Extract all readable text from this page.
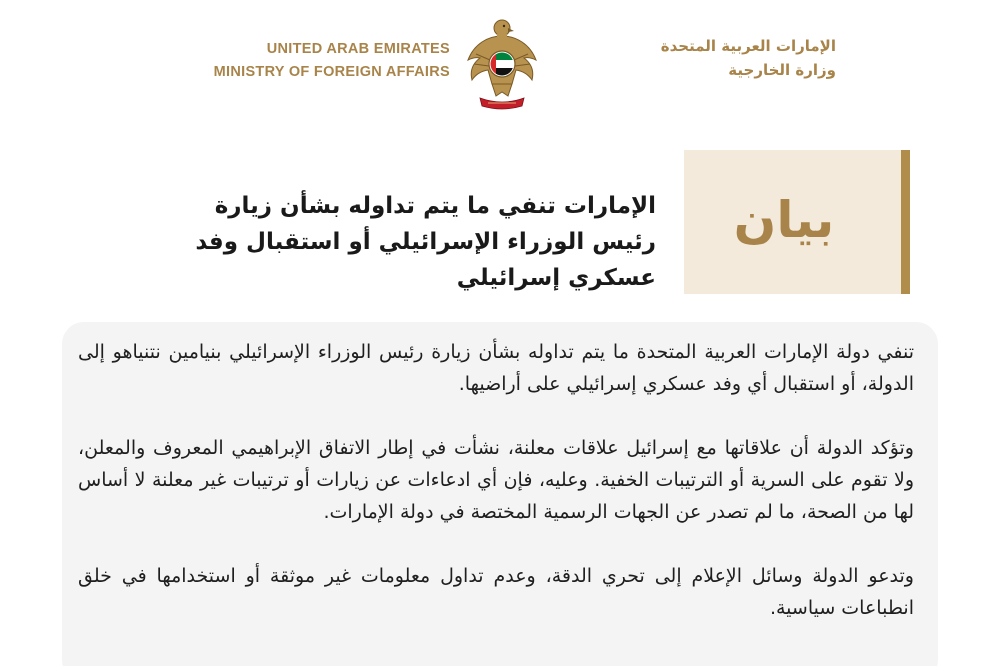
UNITED ARAB EMIRATES
MINISTRY OF FOREIGN AFFAIRS
الإمارات العربية المتحدة
وزارة الخارجية
بيان
الإمارات تنفي ما يتم تداوله بشأن زيارة رئيس الوزراء الإسرائيلي أو استقبال وفد عسكري إسرائيلي

تنفي دولة الإمارات العربية المتحدة ما يتم تداوله بشأن زيارة رئيس الوزراء الإسرائيلي بنيامين نتنياهو إلى الدولة، أو استقبال أي وفد عسكري إسرائيلي على أراضيها.

وتؤكد الدولة أن علاقاتها مع إسرائيل علاقات معلنة، نشأت في إطار الاتفاق الإبراهيمي المعروف والمعلن، ولا تقوم على السرية أو الترتيبات الخفية. وعليه، فإن أي ادعاءات عن زيارات أو ترتيبات غير معلنة لا أساس لها من الصحة، ما لم تصدر عن الجهات الرسمية المختصة في دولة الإمارات.

وتدعو الدولة وسائل الإعلام إلى تحري الدقة، وعدم تداول معلومات غير موثقة أو استخدامها في خلق انطباعات سياسية.
